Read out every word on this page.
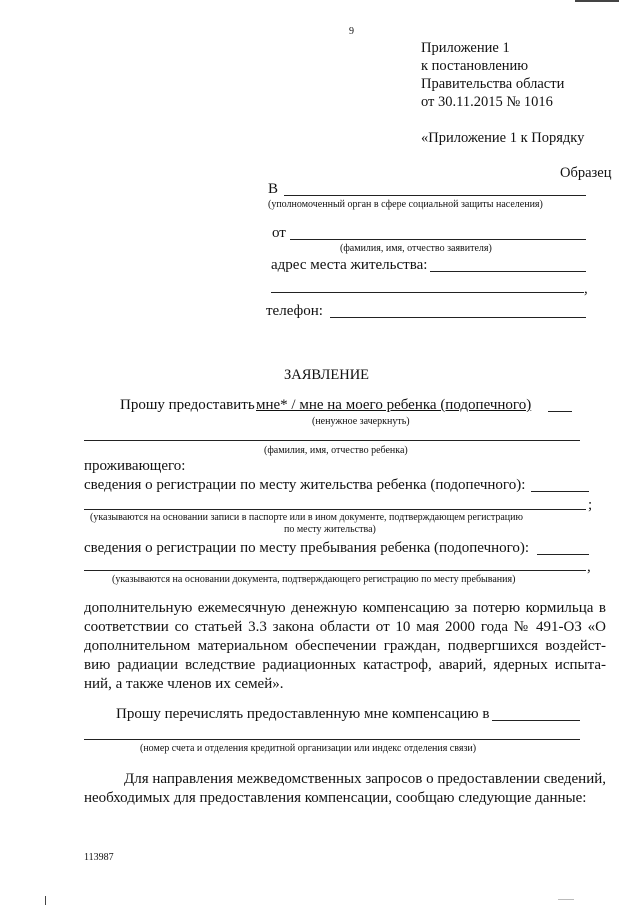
9
Приложение 1
к постановлению
Правительства области
от 30.11.2015 № 1016
«Приложение 1 к Порядку
Образец
В
(уполномоченный орган в сфере социальной защиты населения)
от
(фамилия, имя, отчество заявителя)
адрес места жительства:
,
телефон:
ЗАЯВЛЕНИЕ
Прошу предоставить мне* / мне на моего ребенка (подопечного)
(ненужное зачеркнуть)
(фамилия, имя, отчество ребенка)
проживающего:
сведения о регистрации по месту жительства ребенка (подопечного):
;
(указываются на основании записи в паспорте или в ином документе, подтверждающем регистрацию
по месту жительства)
сведения о регистрации по месту пребывания ребенка (подопечного):
,
(указываются на основании документа, подтверждающего регистрацию по месту пребывания)
дополнительную ежемесячную денежную компенсацию за потерю кормильца в
соответствии со статьей 3.3 закона области от 10 мая 2000 года № 491-ОЗ «О
дополнительном материальном обеспечении граждан, подвергшихся воздейст-
вию радиации вследствие радиационных катастроф, аварий, ядерных испыта-
ний, а также членов их семей».
Прошу перечислять предоставленную мне компенсацию в
(номер счета и отделения кредитной организации или индекс отделения связи)
Для направления межведомственных запросов о предоставлении сведений,
необходимых для предоставления компенсации, сообщаю следующие данные:
113987
